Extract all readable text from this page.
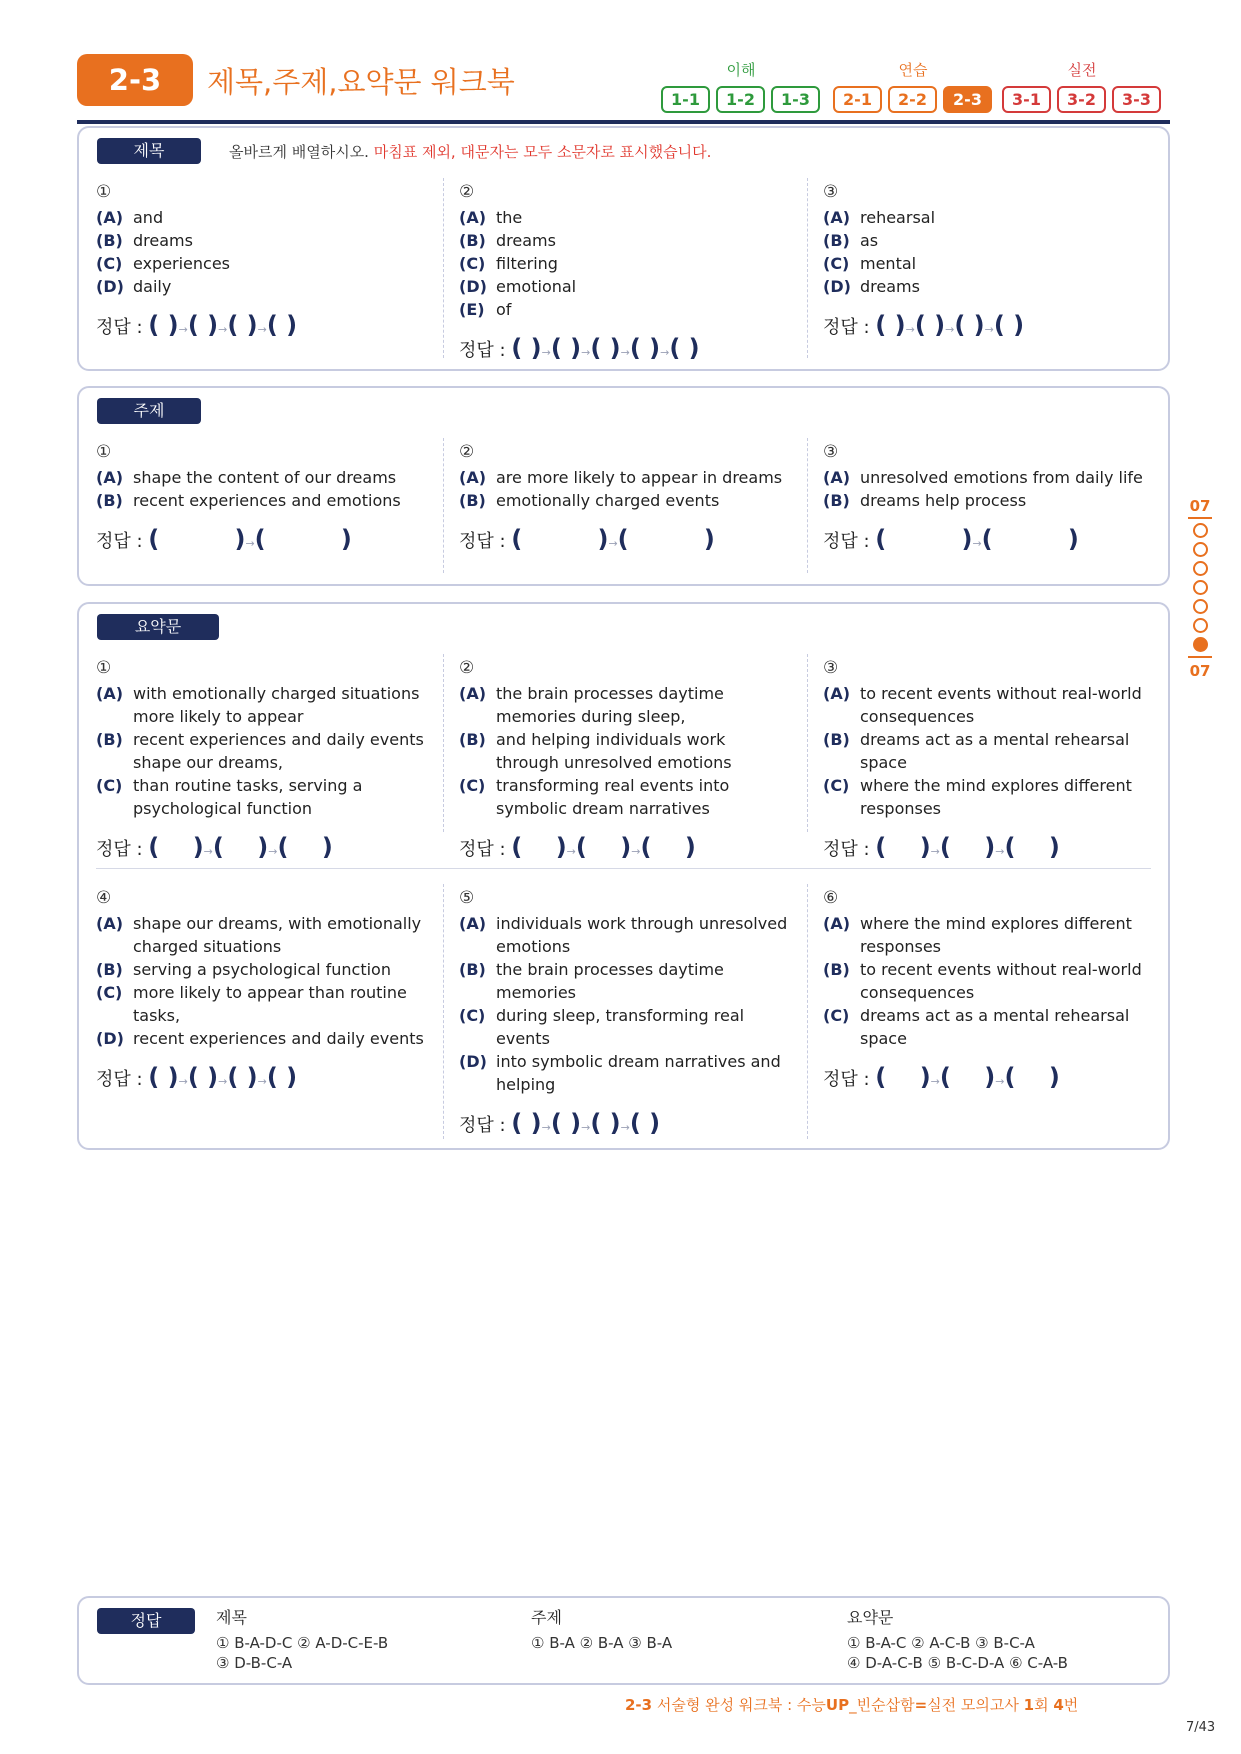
2-3	제목,주제,요약문 워크북	이해	연습	실전
1-1	1-2	1-3	2-1	2-2	2-3	3-1	3-2	3-3
제목	올바르게 배열하시오. 마침표 제외, 대문자는 모두 소문자로 표시했습니다.
①
(A) and
(B) dreams
(C) experiences
(D) daily
정답 : ( )→( )→( )→( )
②
(A) the
(B) dreams
(C) filtering
(D) emotional
(E) of
정답 : ( )→( )→( )→( )→( )
③
(A) rehearsal
(B) as
(C) mental
(D) dreams
정답 : ( )→( )→( )→( )
주제
①
(A) shape the content of our dreams
(B) recent experiences and emotions
정답 : (         )→(         )
②
(A) are more likely to appear in dreams
(B) emotionally charged events
정답 : (         )→(         )
③
(A) unresolved emotions from daily life
(B) dreams help process
정답 : (         )→(         )
요약문
①
(A) with emotionally charged situations more likely to appear
(B) recent experiences and daily events shape our dreams,
(C) than routine tasks, serving a psychological function
정답 : (    )→(    )→(    )
②
(A) the brain processes daytime memories during sleep,
(B) and helping individuals work through unresolved emotions
(C) transforming real events into symbolic dream narratives
정답 : (    )→(    )→(    )
③
(A) to recent events without real-world consequences
(B) dreams act as a mental rehearsal space
(C) where the mind explores different responses
정답 : (    )→(    )→(    )
④
(A) shape our dreams, with emotionally charged situations
(B) serving a psychological function
(C) more likely to appear than routine tasks,
(D) recent experiences and daily events
정답 : ( )→( )→( )→( )
⑤
(A) individuals work through unresolved emotions
(B) the brain processes daytime memories
(C) during sleep, transforming real events
(D) into symbolic dream narratives and helping
정답 : ( )→( )→( )→( )
⑥
(A) where the mind explores different responses
(B) to recent events without real-world consequences
(C) dreams act as a mental rehearsal space
정답 : (    )→(    )→(    )
07
07
정답	제목
① B-A-D-C ② A-D-C-E-B
③ D-B-C-A
주제
① B-A ② B-A ③ B-A
요약문
① B-A-C ② A-C-B ③ B-C-A
④ D-A-C-B ⑤ B-C-D-A ⑥ C-A-B
2-3 서술형 완성 워크북 : 수능UP_빈순삽함=실전 모의고사 1회 4번
7/43
